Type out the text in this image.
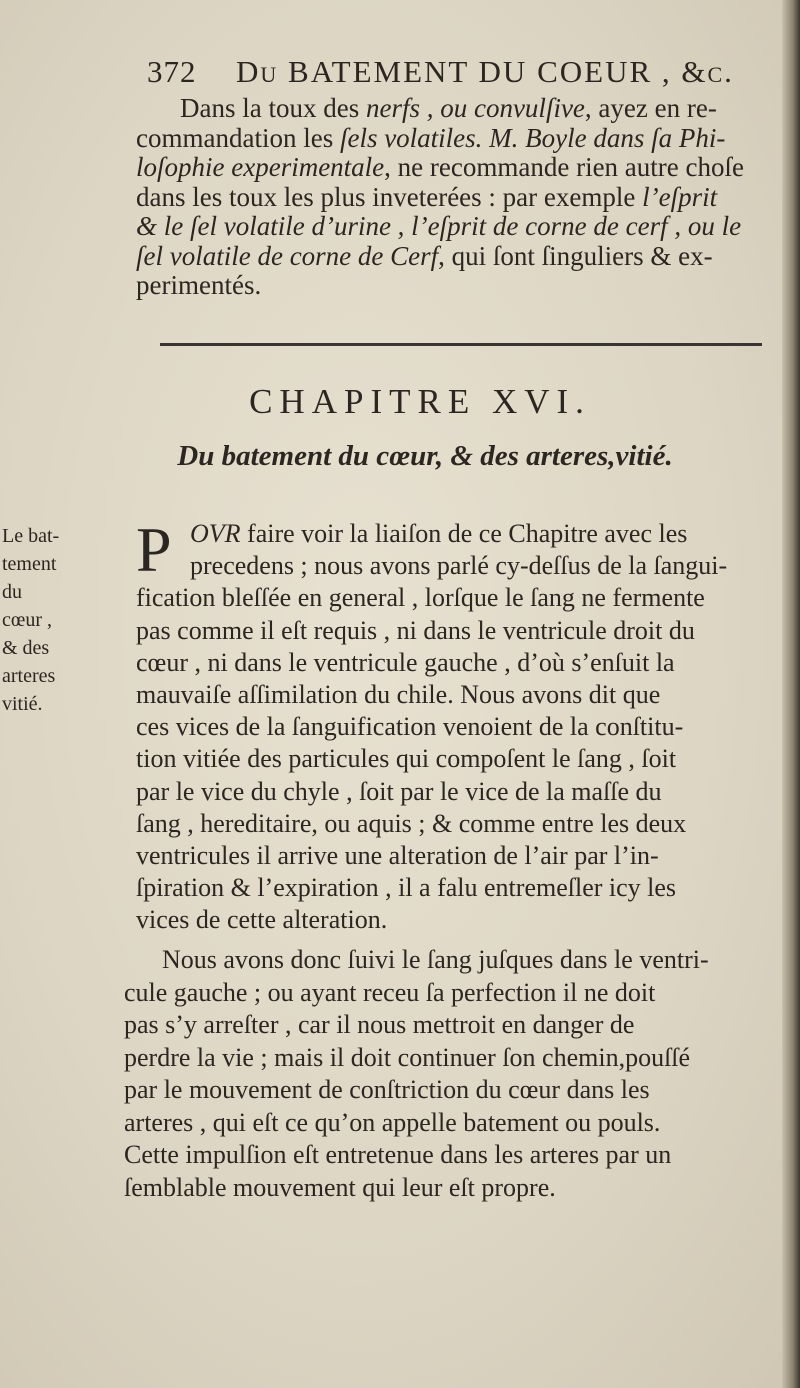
372 Du BATEMENT DU COEUR , &c.
Dans la toux des nerfs , ou convulſive, ayez en re-
commandation les ſels volatiles. M. Boyle dans ſa Phi-
loſophie experimentale, ne recommande rien autre choſe
dans les toux les plus inveterées : par exemple l’eſprit
& le ſel volatile d’urine , l’eſprit de corne de cerf , ou le
ſel volatile de corne de Cerf, qui ſont ſinguliers & ex-
perimentés.
CHAPITRE XVI.
Du batement du cœur, & des arteres,vitié.
Le bat-
tement
du
cœur ,
& des
arteres
vitié.
P OVR faire voir la liaiſon de ce Chapitre avec les
precedens ; nous avons parlé cy-deſſus de la ſangui-
fication bleſſée en general , lorſque le ſang ne fermente
pas comme il eſt requis , ni dans le ventricule droit du
cœur , ni dans le ventricule gauche , d’où s’enſuit la
mauvaiſe aſſimilation du chile. Nous avons dit que
ces vices de la ſanguification venoient de la conſtitu-
tion vitiée des particules qui compoſent le ſang , ſoit
par le vice du chyle , ſoit par le vice de la maſſe du
ſang , hereditaire, ou aquis ; & comme entre les deux
ventricules il arrive une alteration de l’air par l’in-
ſpiration & l’expiration , il a falu entremeſler icy les
vices de cette alteration.
Nous avons donc ſuivi le ſang juſques dans le ventri-
cule gauche ; ou ayant receu ſa perfection il ne doit
pas s’y arreſter , car il nous mettroit en danger de
perdre la vie ; mais il doit continuer ſon chemin,pouſſé
par le mouvement de conſtriction du cœur dans les
arteres , qui eſt ce qu’on appelle batement ou pouls.
Cette impulſion eſt entretenue dans les arteres par un
ſemblable mouvement qui leur eſt propre.
